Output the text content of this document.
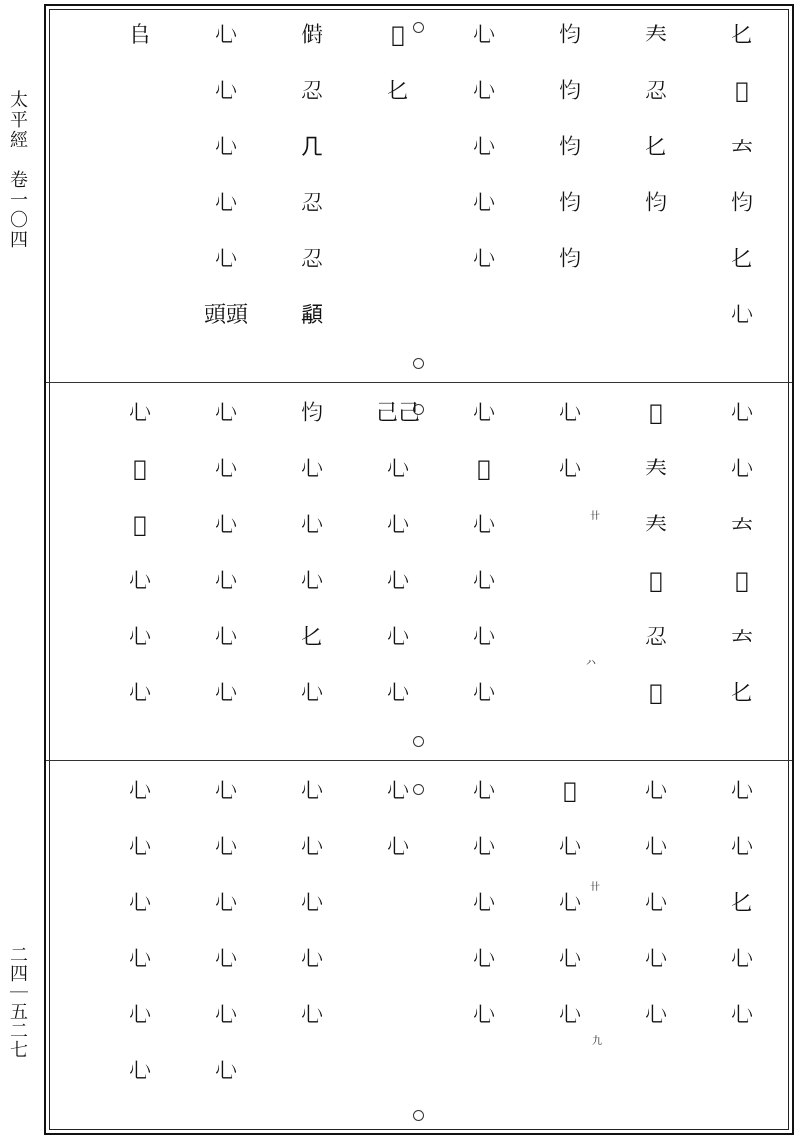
太平經　卷一〇四
二四｜五二七
卄
ハ
卄
九
𠤎
𠣐
𠫓
𢗋
𠤎
𢖩
𡗗
𢖫
𠤎
𢗋
𢗋
𢗋
𢗋
𢗋
𢗋
𢖩
𢖩
𢖩
𢖩
𢖩
𤇺
𠤎
𠍰
𢖫
𠘧
𢖫
𢖫
𩓿
𢖩
𢖩
𢖩
𢖩
𢖩
頭頭
𠂤
𢖩
𢖩
𠫓
𤇺
𠫓
𠤎
𤇺
𡗗
𡗗
𠣐
𢖫
𤇺
𢖩
𢖩
𢖩
𤇺
𢖩
𢖩
𢖩
𢖩
己己
𢖩
𢖩
𢖩
𢖩
𢖩
𢗋
𢖩
𢖩
𢖩
𠤎
𢖩
𢖩
𢖩
𢖩
𢖩
𢖩
𢖩
𢖩
𤇺
𤇺
𢖩
𢖩
𢖩
𢖩
𢖩
𠤎
𢖩
𢖩
𢖩
𢖩
𢖩
𢖩
𢖩
𤇺
𢖩
𢖩
𢖩
𢖩
𢖩
𢖩
𢖩
𢖩
𢖩
𢖩
𢖩
𢖩
𢖩
𢖩
𢖩
𢖩
𢖩
𢖩
𢖩
𢖩
𢖩
𢖩
𢖩
𢖩
𢖩
𢖩
𢖩
𢖩
